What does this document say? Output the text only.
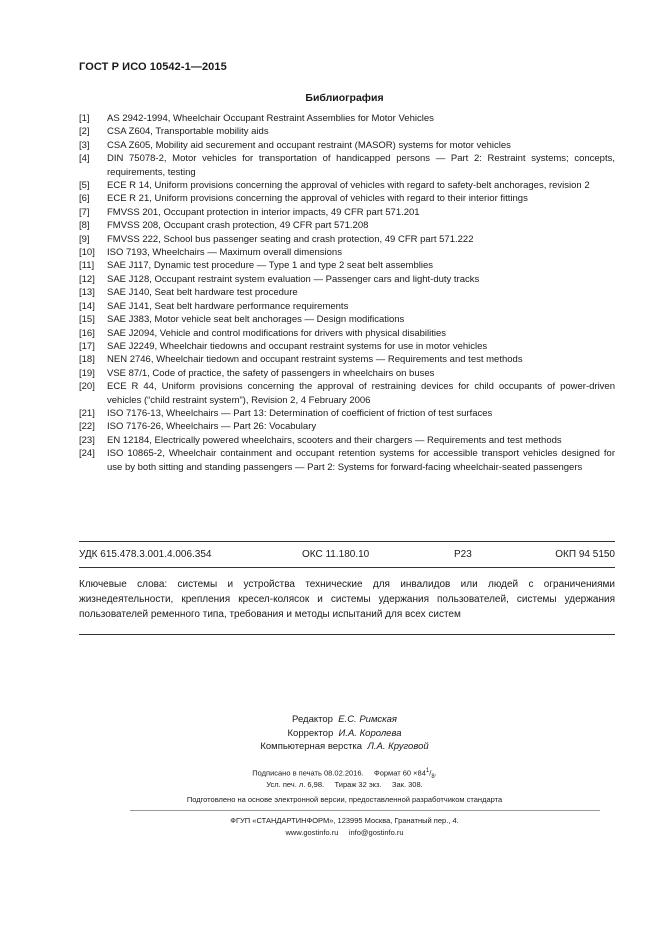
ГОСТ Р ИСО 10542-1—2015
Библиография
[1]	AS 2942-1994, Wheelchair Occupant Restraint Assemblies for Motor Vehicles
[2]	CSA Z604, Transportable mobility aids
[3]	CSA Z605, Mobility aid securement and occupant restraint (MASOR) systems for motor vehicles
[4]	DIN 75078-2, Motor vehicles for transportation of handicapped persons — Part 2: Restraint systems; concepts, requirements, testing
[5]	ECE R 14, Uniform provisions concerning the approval of vehicles with regard to safety-belt anchorages, revision 2
[6]	ECE R 21, Uniform provisions concerning the approval of vehicles with regard to their interior fittings
[7]	FMVSS 201, Occupant protection in interior impacts, 49 CFR part 571.201
[8]	FMVSS 208, Occupant crash protection, 49 CFR part 571.208
[9]	FMVSS 222, School bus passenger seating and crash protection, 49 CFR part 571.222
[10]	ISO 7193, Wheelchairs — Maximum overall dimensions
[11]	SAE J117, Dynamic test procedure — Type 1 and type 2 seat belt assemblies
[12]	SAE J128, Occupant restraint system evaluation — Passenger cars and light-duty tracks
[13]	SAE J140, Seat belt hardware test procedure
[14]	SAE J141, Seat belt hardware performance requirements
[15]	SAE J383, Motor vehicle seat belt anchorages — Design modifications
[16]	SAE J2094, Vehicle and control modifications for drivers with physical disabilities
[17]	SAE J2249, Wheelchair tiedowns and occupant restraint systems for use in motor vehicles
[18]	NEN 2746, Wheelchair tiedown and occupant restraint systems — Requirements and test methods
[19]	VSE 87/1, Code of practice, the safety of passengers in wheelchairs on buses
[20]	ECE R 44, Uniform provisions concerning the approval of restraining devices for child occupants of power-driven vehicles (“child restraint system”), Revision 2, 4 February 2006
[21]	ISO 7176-13, Wheelchairs — Part 13: Determination of coefficient of friction of test surfaces
[22]	ISO 7176-26, Wheelchairs — Part 26: Vocabulary
[23]	EN 12184, Electrically powered wheelchairs, scooters and their chargers — Requirements and test methods
[24]	ISO 10865-2, Wheelchair containment and occupant retention systems for accessible transport vehicles designed for use by both sitting and standing passengers — Part 2: Systems for forward-facing wheelchair-seated passengers
УДК 615.478.3.001.4.006.354	ОКС 11.180.10	Р23	ОКП 94 5150
Ключевые слова: системы и устройства технические для инвалидов или людей с ограничениями жизнедеятельности, крепления кресел-колясок и системы удержания пользователей, системы удержания пользователей ременного типа, требования и методы испытаний для всех систем
Редактор Е.С. Римская
Корректор И.А. Королева
Компьютерная верстка Л.А. Круговой
Подписано в печать 08.02.2016. Формат $60 \times 84^1/_8$.
Усл. печ. л. 6,98. Тираж 32 экз. Зак. 308.
Подготовлено на основе электронной версии, предоставленной разработчиком стандарта
ФГУП «СТАНДАРТИНФОРМ», 123995 Москва, Гранатный пер., 4.
www.gostinfo.ru info@gostinfo.ru
